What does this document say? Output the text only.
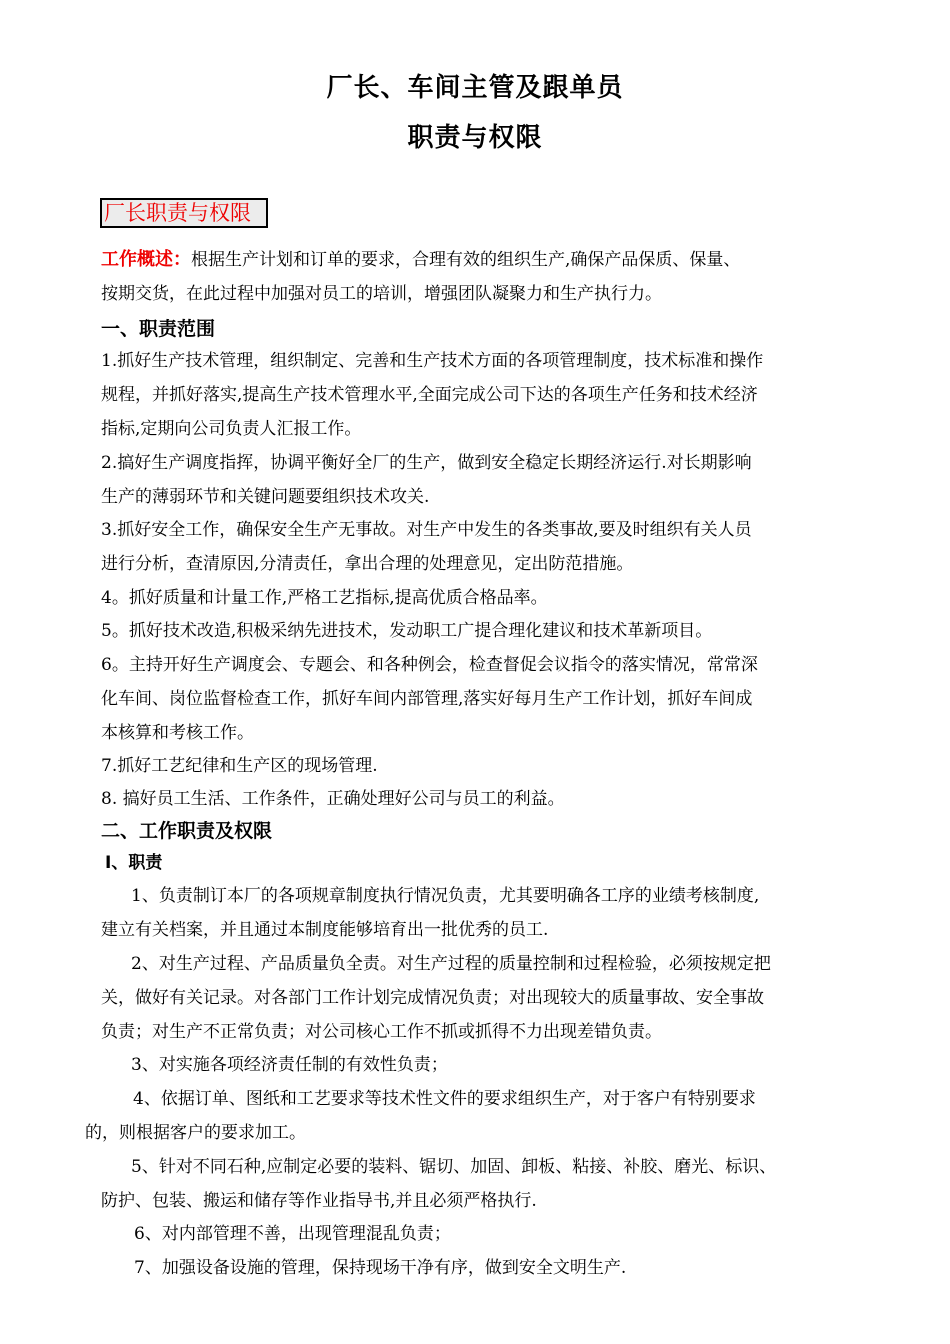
厂长、车间主管及跟单员
职责与权限
厂长职责与权限
工作概述：根据生产计划和订单的要求，合理有效的组织生产,确保产品保质、保量、
按期交货，在此过程中加强对员工的培训，增强团队凝聚力和生产执行力。
一、职责范围
1.抓好生产技术管理，组织制定、完善和生产技术方面的各项管理制度，技术标准和操作
规程，并抓好落实,提高生产技术管理水平,全面完成公司下达的各项生产任务和技术经济
指标,定期向公司负责人汇报工作。
2.搞好生产调度指挥，协调平衡好全厂的生产，做到安全稳定长期经济运行.对长期影响
生产的薄弱环节和关键问题要组织技术攻关.
3.抓好安全工作，确保安全生产无事故。对生产中发生的各类事故,要及时组织有关人员
进行分析，查清原因,分清责任，拿出合理的处理意见，定出防范措施。
4。抓好质量和计量工作,严格工艺指标,提高优质合格品率。
5。抓好技术改造,积极采纳先进技术，发动职工广提合理化建议和技术革新项目。
6。主持开好生产调度会、专题会、和各种例会，检查督促会议指令的落实情况，常常深
化车间、岗位监督检查工作，抓好车间内部管理,落实好每月生产工作计划，抓好车间成
本核算和考核工作。
7.抓好工艺纪律和生产区的现场管理.
8. 搞好员工生活、工作条件，正确处理好公司与员工的利益。
二、工作职责及权限
Ⅰ、职责
1、负责制订本厂的各项规章制度执行情况负责，尤其要明确各工序的业绩考核制度,
建立有关档案，并且通过本制度能够培育出一批优秀的员工.
2、对生产过程、产品质量负全责。对生产过程的质量控制和过程检验，必须按规定把
关，做好有关记录。对各部门工作计划完成情况负责；对出现较大的质量事故、安全事故
负责；对生产不正常负责；对公司核心工作不抓或抓得不力出现差错负责。
3、对实施各项经济责任制的有效性负责；
4、依据订单、图纸和工艺要求等技术性文件的要求组织生产，对于客户有特别要求
的，则根据客户的要求加工。
5、针对不同石种,应制定必要的装料、锯切、加固、卸板、粘接、补胶、磨光、标识、
防护、包装、搬运和储存等作业指导书,并且必须严格执行.
6、对内部管理不善，出现管理混乱负责；
7、加强设备设施的管理，保持现场干净有序，做到安全文明生产.
